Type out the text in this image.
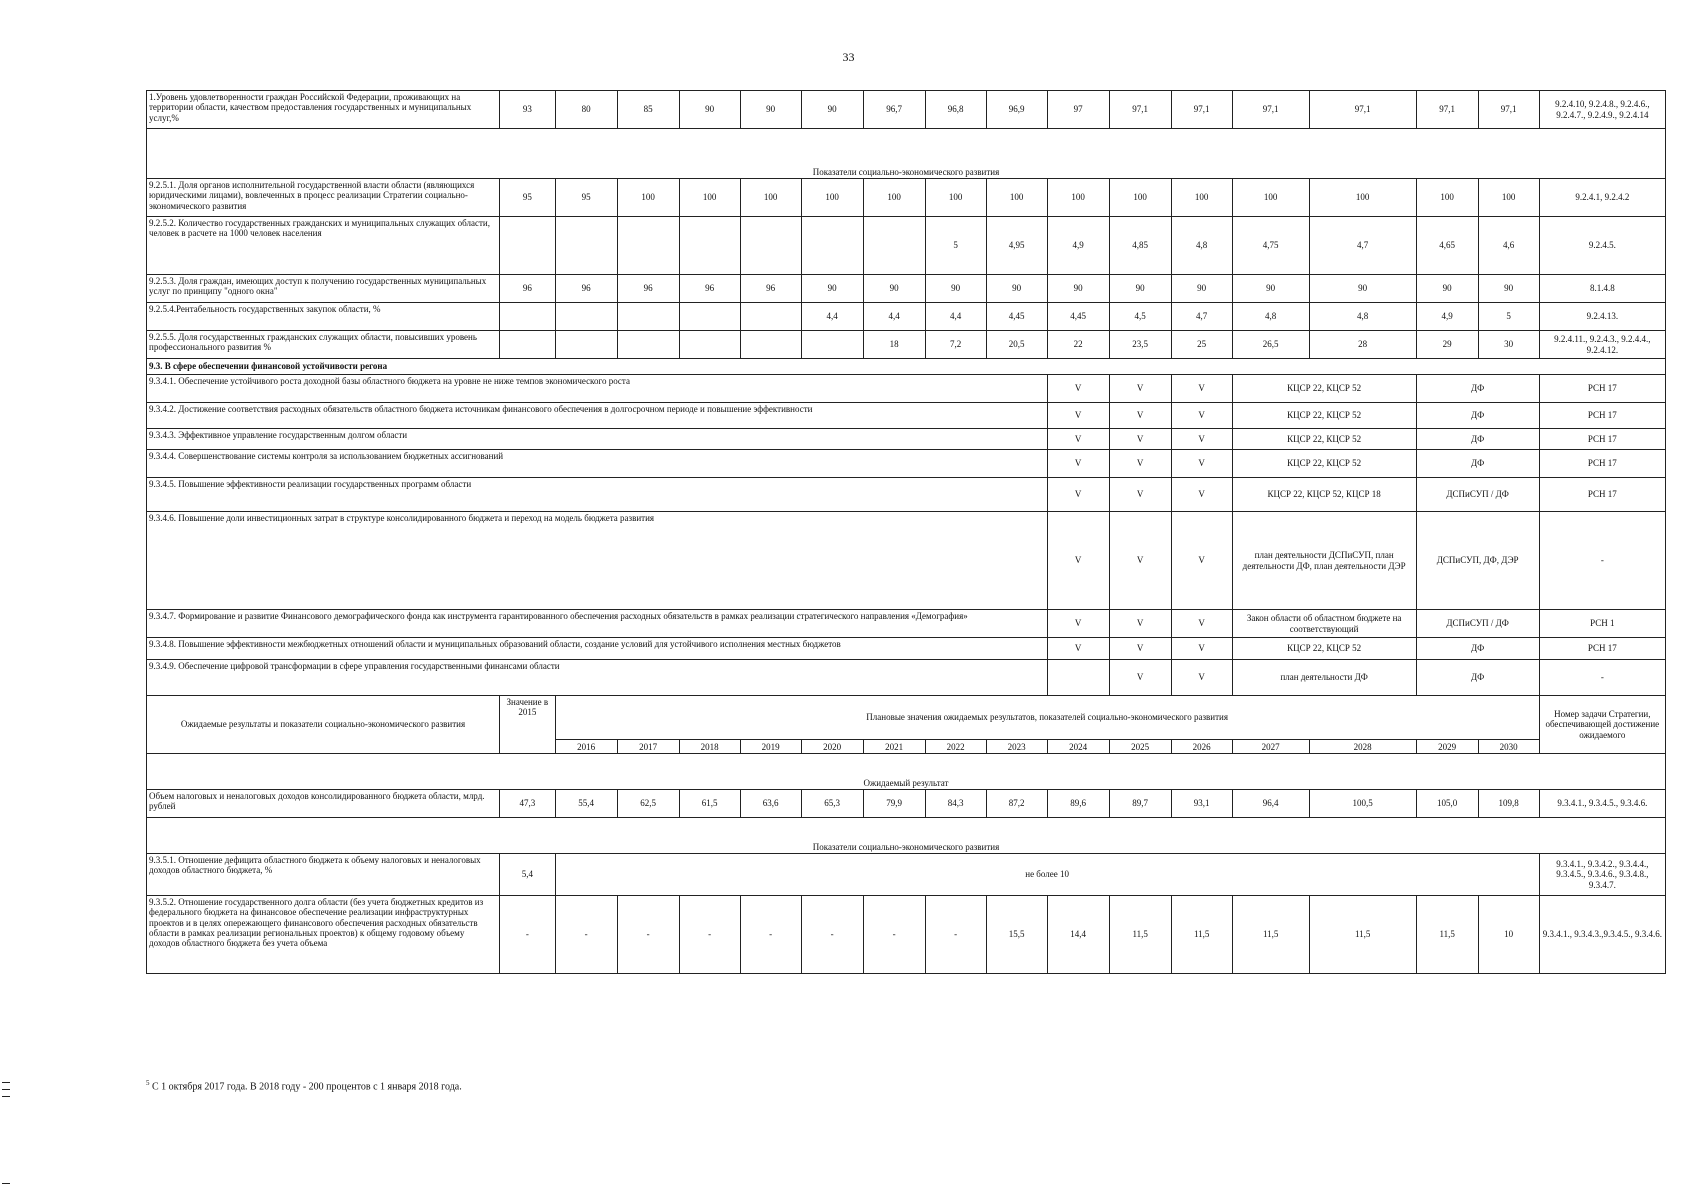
33
1.Уровень удовлетворенности граждан Российской Федерации, проживающих на территории области, качеством предоставления государственных и муниципальных услуг,%	93	80	85	90	90	90	96,7	96,8	96,9	97	97,1	97,1	97,1	97,1	97,1	97,1	9.2.4.10, 9.2.4.8., 9.2.4.6., 9.2.4.7., 9.2.4.9., 9.2.4.14
Показатели социально-экономического развития																	
9.2.5.1. Доля органов исполнительной государственной власти области (являющихся юридическими лицами), вовлеченных в процесс реализации Стратегии социально-экономического развития	95	95	100	100	100	100	100	100	100	100	100	100	100	100	100	100	9.2.4.1, 9.2.4.2
9.2.5.2. Количество государственных гражданских и муниципальных служащих области, человек в расчете на 1000 человек населения								5	4,95	4,9	4,85	4,8	4,75	4,7	4,65	4,6	9.2.4.5.
9.2.5.3. Доля граждан, имеющих доступ к получению государственных муниципальных услуг по принципу "одного окна"	96	96	96	96	96	90	90	90	90	90	90	90	90	90	90	90	8.1.4.8
9.2.5.4.Рентабельность государственных закупок области, %						4,4	4,4	4,4	4,45	4,45	4,5	4,7	4,8	4,8	4,9	5	9.2.4.13.
9.2.5.5. Доля государственных гражданских служащих области, повысивших уровень профессионального развития %							18	7,2	20,5	22	23,5	25	26,5	28	29	30	9.2.4.11., 9.2.4.3., 9.2.4.4., 9.2.4.12.
9.3. В сфере обеспечении финансовой устойчивости регона																	
9.3.4.1. Обеспечение устойчивого роста доходной базы областного бюджета на уровне не ниже темпов экономического роста										V	V	V	КЦСР 22, КЦСР 52		ДФ		РСН 17
9.3.4.2. Достижение соответствия расходных обязательств областного бюджета источникам финансового обеспечения в долгосрочном периоде и повышение эффективности										V	V	V	КЦСР 22, КЦСР 52		ДФ		РСН 17
9.3.4.3. Эффективное управление государственным долгом области										V	V	V	КЦСР 22, КЦСР 52		ДФ		РСН 17
9.3.4.4. Совершенствование системы контроля за использованием бюджетных ассигнований										V	V	V	КЦСР 22, КЦСР 52		ДФ		РСН 17
9.3.4.5. Повышение эффективности реализации государственных программ области										V	V	V	КЦСР 22, КЦСР 52, КЦСР 18		ДСПиСУП / ДФ		РСН 17
9.3.4.6. Повышение доли инвестиционных затрат в структуре консолидированного бюджета и переход на модель бюджета развития										V	V	V	план деятельности ДСПиСУП, план деятельности ДФ, план деятельности ДЭР		ДСПиСУП, ДФ, ДЭР		-
9.3.4.7. Формирование и развитие Финансового демографического фонда как инструмента гарантированного обеспечения расходных обязательств в рамках реализации стратегического направления «Демография»										V	V	V	Закон области об областном бюджете на соответствующий		ДСПиСУП / ДФ		РСН 1
9.3.4.8. Повышение эффективности межбюджетных отношений области и муниципальных образований области, создание условий для устойчивого исполнения местных бюджетов										V	V	V	КЦСР 22, КЦСР 52		ДФ		РСН 17
9.3.4.9. Обеспечение цифровой трансформации в сфере управления государственными финансами области											V	V	план деятельности ДФ		ДФ		-
Ожидаемые результаты и показатели социально-экономического развития	Значение в 2015	Плановые значения ожидаемых результатов, показателей социально-экономического развития															Номер задачи Стратегии, обеспечивающей достижение ожидаемого
		2016	2017	2018	2019	2020	2021	2022	2023	2024	2025	2026	2027	2028	2029	2030	
Ожидаемый результат																	
Объем налоговых и неналоговых доходов консолидированного бюджета области, млрд. рублей	47,3	55,4	62,5	61,5	63,6	65,3	79,9	84,3	87,2	89,6	89,7	93,1	96,4	100,5	105,0	109,8	9.3.4.1., 9.3.4.5., 9.3.4.6.
Показатели социально-экономического развития																	
9.3.5.1. Отношение дефицита областного бюджета к объему налоговых и неналоговых доходов областного бюджета, %	5,4	не более 10															9.3.4.1., 9.3.4.2., 9.3.4.4., 9.3.4.5., 9.3.4.6., 9.3.4.8., 9.3.4.7.
9.3.5.2. Отношение государственного долга области (без учета бюджетных кредитов из федерального бюджета на финансовое обеспечение реализации инфраструктурных проектов и в целях опережающего финансового обеспечения расходных обязательств области в рамках реализации региональных проектов) к общему годовому объему доходов областного бюджета без учета объема	-	-	-	-	-	-	-	-	15,5	14,4	11,5	11,5	11,5	11,5	11,5	10	9.3.4.1., 9.3.4.3.,9.3.4.5., 9.3.4.6.
$^5$ С 1 октября 2017 года. В 2018 году - 200 процентов с 1 января 2018 года.
